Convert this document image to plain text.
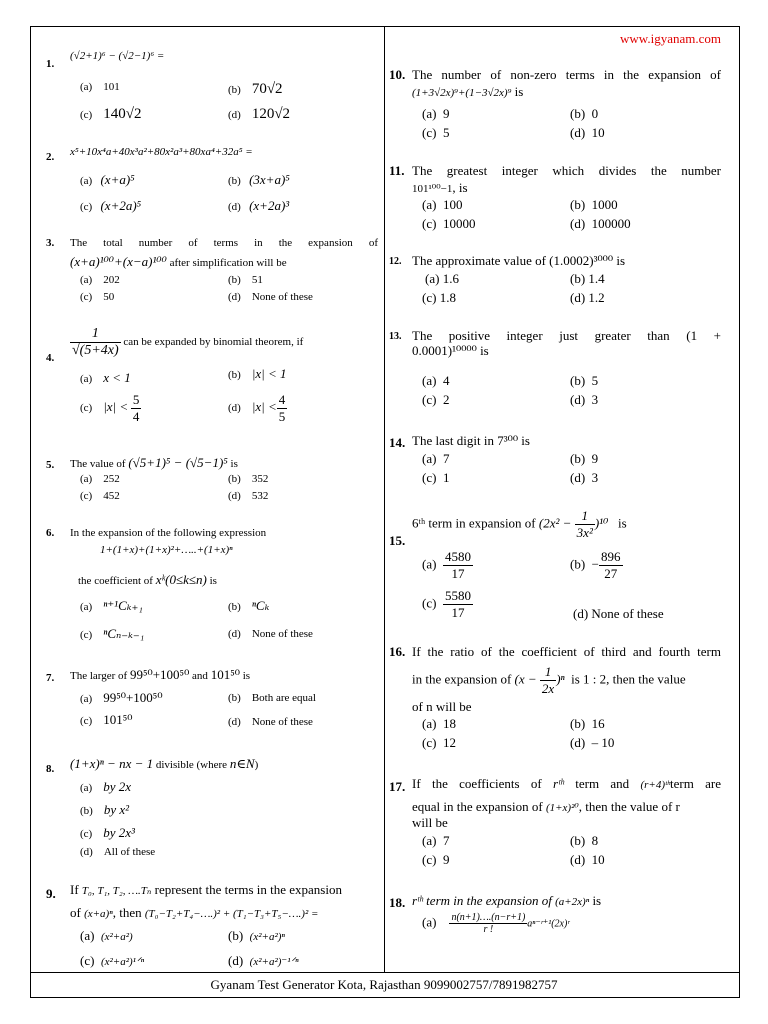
www.igyanam.com
1.
(√2+1)⁶ − (√2−1)⁶ =
(a)    101	(b)    70√2
(c)    140√2	(d)    120√2
2. x⁵+10x⁴a+40x³a²+80x²a³+80xa⁴+32a⁵ =
(a)   (x+a)⁵	(b)   (3x+a)⁵
(c)   (x+2a)⁵	(d)   (x+2a)³
3. The total number of terms in the expansion of
(x+a)¹⁰⁰+(x−a)¹⁰⁰ after simplification will be
(a)    202	(b)    51
(c)    50	(d)    None of these
4. $\frac{1}{√(5+4x)}$ can be expanded by binomial theorem, if
(a)    x < 1	(b)    |x| < 1
(c)    $|x| < \frac{5}{4}$	(d)    $|x| < \frac{4}{5}$
5. The value of (√5+1)⁵ − (√5−1)⁵ is
(a)    252	(b)    352
(c)    452	(d)    532
6. In the expansion of the following expression
1+(1+x)+(1+x)²+…..+(1+x)ⁿ
the coefficient of xᵏ(0≤k≤n) is
(a)    ⁿ⁺¹Cₖ₊₁	(b)    ⁿCₖ
(c)    ⁿCₙ₋ₖ₋₁	(d)    None of these
7. The larger of 99⁵⁰+100⁵⁰ and 101⁵⁰ is
(a)    99⁵⁰+100⁵⁰	(b)    Both are equal
(c)    101⁵⁰	(d)    None of these
8. (1+x)ⁿ − nx − 1 divisible (where n∈N)
(a)    by 2x
(b)    by x²
(c)    by 2x³
(d)    All of these
9. If T₀, T₁, T₂, ….Tₙ represent the terms in the expansion
of (x+a)ⁿ, then (T₀−T₂+T₄−….)² + (T₁−T₃+T₅−….)² =
(a)  (x²+a²)	(b)  (x²+a²)ⁿ
(c)  (x²+a²)¹ᐟⁿ	(d)  (x²+a²)⁻¹ᐟⁿ
10. The number of non-zero terms in the expansion of
(1+3√2x)⁹+(1−3√2x)⁹ is
(a)  9	(b)  0
(c)  5	(d)  10
11. The greatest integer which divides the number
101¹⁰⁰−1, is
(a)  100	(b)  1000
(c)  10000	(d)  100000
12. The approximate value of (1.0002)³⁰⁰⁰ is
(a) 1.6	(b) 1.4
(c) 1.8	(d) 1.2
13. The positive integer just greater than (1 +
0.0001)¹⁰⁰⁰⁰ is
(a)  4	(b)  5
(c)  2	(d)  3
14. The last digit in 7³⁰⁰ is
(a)  7	(b)  9
(c)  1	(d)  3
15.
6ᵗʰ term in expansion of $(2x^2 - \frac{1}{\text{3x²}} )^{10}$ is
$(a) \frac{4580}{17}$	$(b) - \frac{896}{27}$
$(c) \frac{5580}{17}$	(d) None of these
16. If the ratio of the coefficient of third and fourth term
in the expansion of $(x - \frac{1}{2x} )^n$ is 1 : 2, then the value
of n will be
(a)  18	(b)  16
(c)  12	(d)  – 10
17. If the coefficients of rᵗʰ term and (r+4)ᵗʰterm are
equal in the expansion of (1+x)²⁰, then the value of r
will be
(a)  7	(b)  8
(c)  9	(d)  10
18. rᵗʰ term in the expansion of (a+2x)ⁿ is
$(a) \frac{n(n+1)\dots.(n-r+1)}{r !}$ aⁿ⁻ʳ⁺¹(2x)ʳ
Gyanam Test Generator Kota, Rajasthan 9099002757/7891982757
